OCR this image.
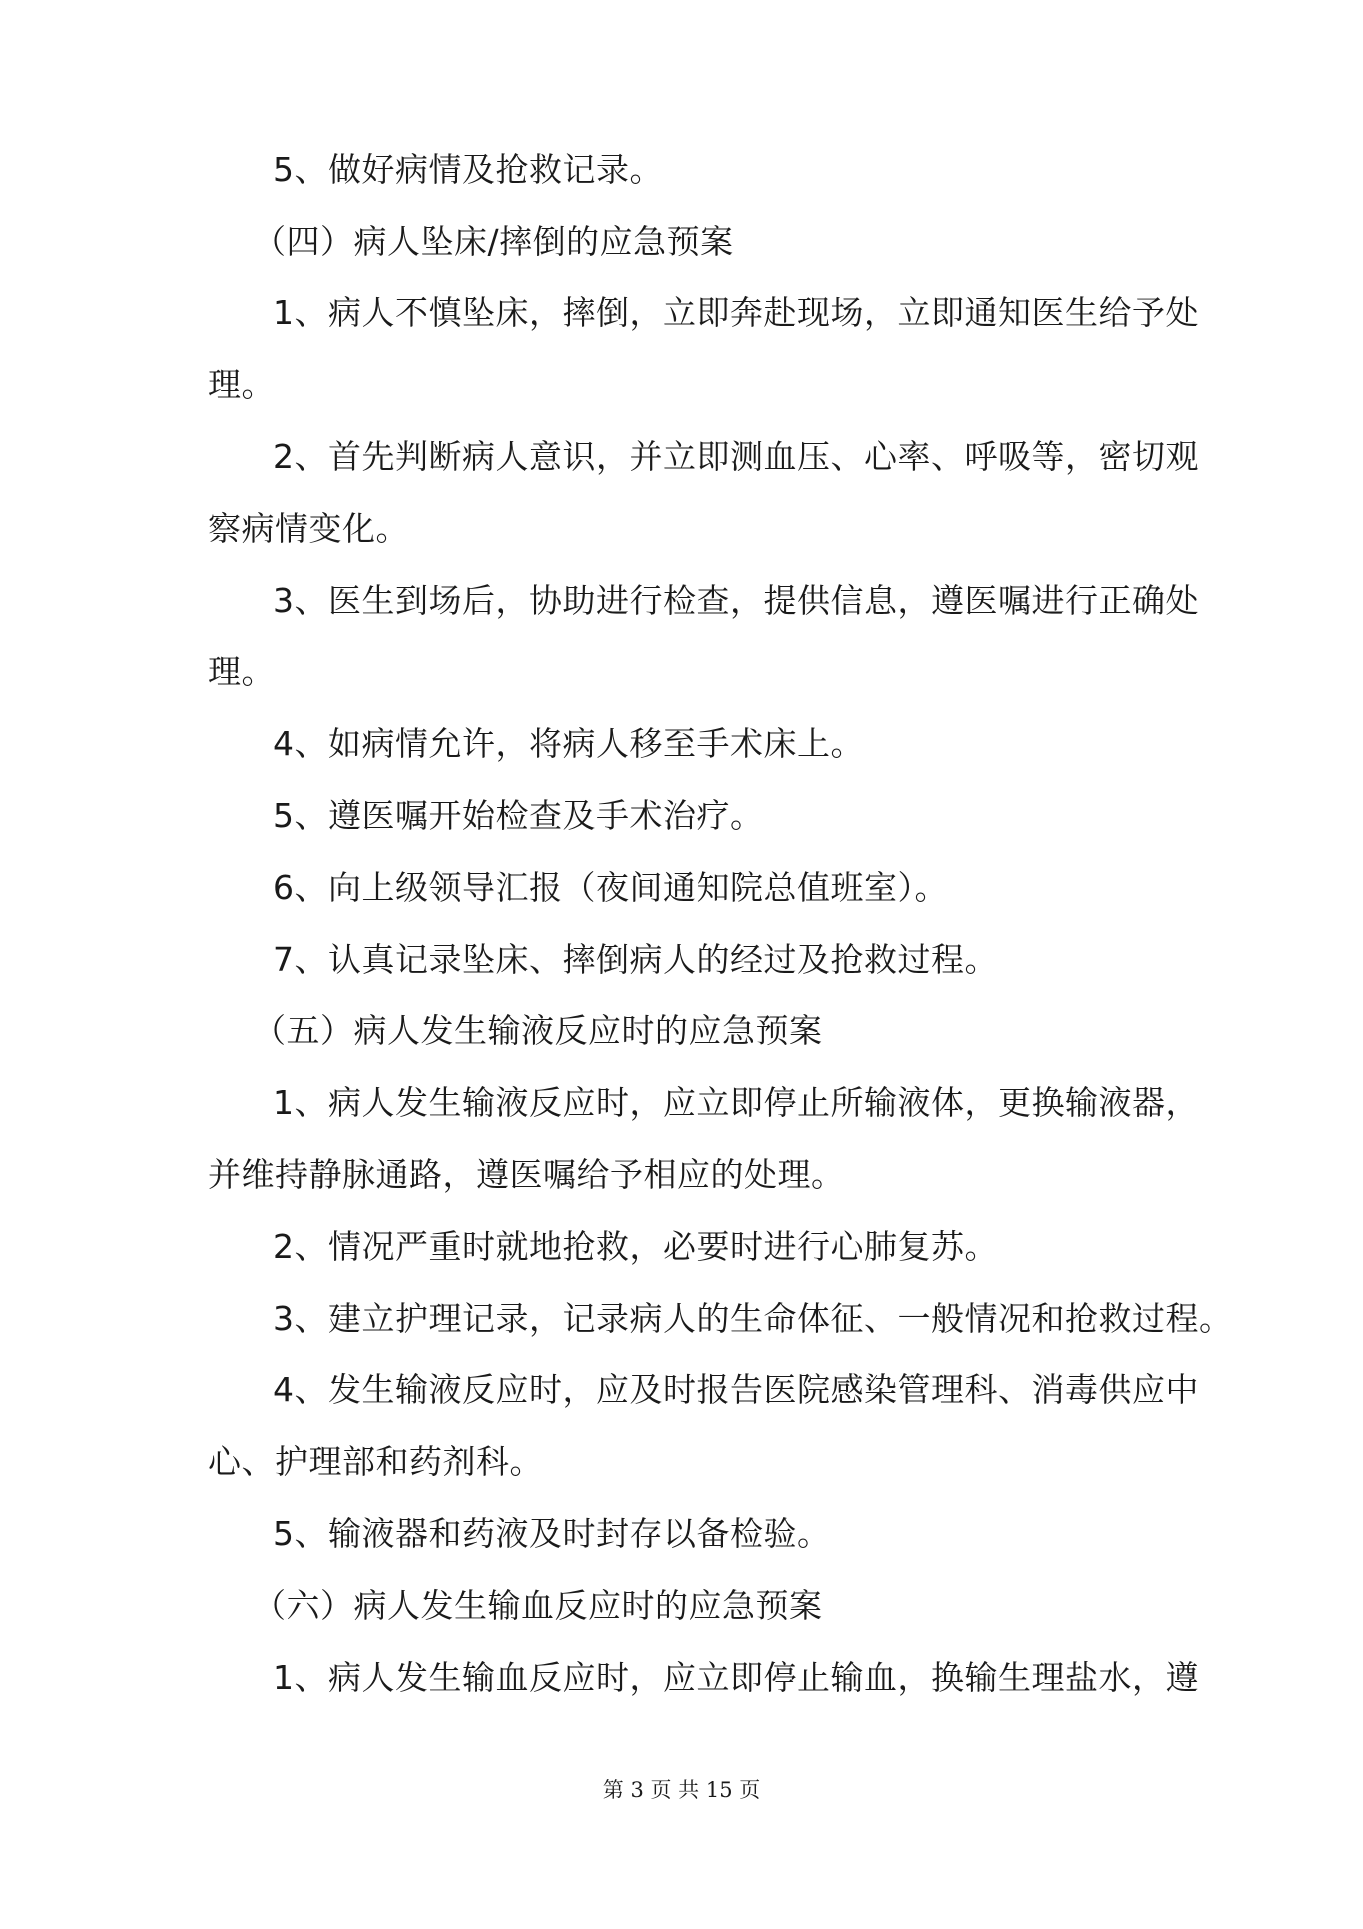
5、做好病情及抢救记录。
（四）病人坠床/摔倒的应急预案
1、病人不慎坠床，摔倒，立即奔赴现场，立即通知医生给予处
理。
2、首先判断病人意识，并立即测血压、心率、呼吸等，密切观
察病情变化。
3、医生到场后，协助进行检查，提供信息，遵医嘱进行正确处
理。
4、如病情允许，将病人移至手术床上。
5、遵医嘱开始检查及手术治疗。
6、向上级领导汇报（夜间通知院总值班室）。
7、认真记录坠床、摔倒病人的经过及抢救过程。
（五）病人发生输液反应时的应急预案
1、病人发生输液反应时，应立即停止所输液体，更换输液器，
并维持静脉通路，遵医嘱给予相应的处理。
2、情况严重时就地抢救，必要时进行心肺复苏。
3、建立护理记录，记录病人的生命体征、一般情况和抢救过程。
4、发生输液反应时，应及时报告医院感染管理科、消毒供应中
心、护理部和药剂科。
5、输液器和药液及时封存以备检验。
（六）病人发生输血反应时的应急预案
1、病人发生输血反应时，应立即停止输血，换输生理盐水，遵
第 3 页 共 15 页
